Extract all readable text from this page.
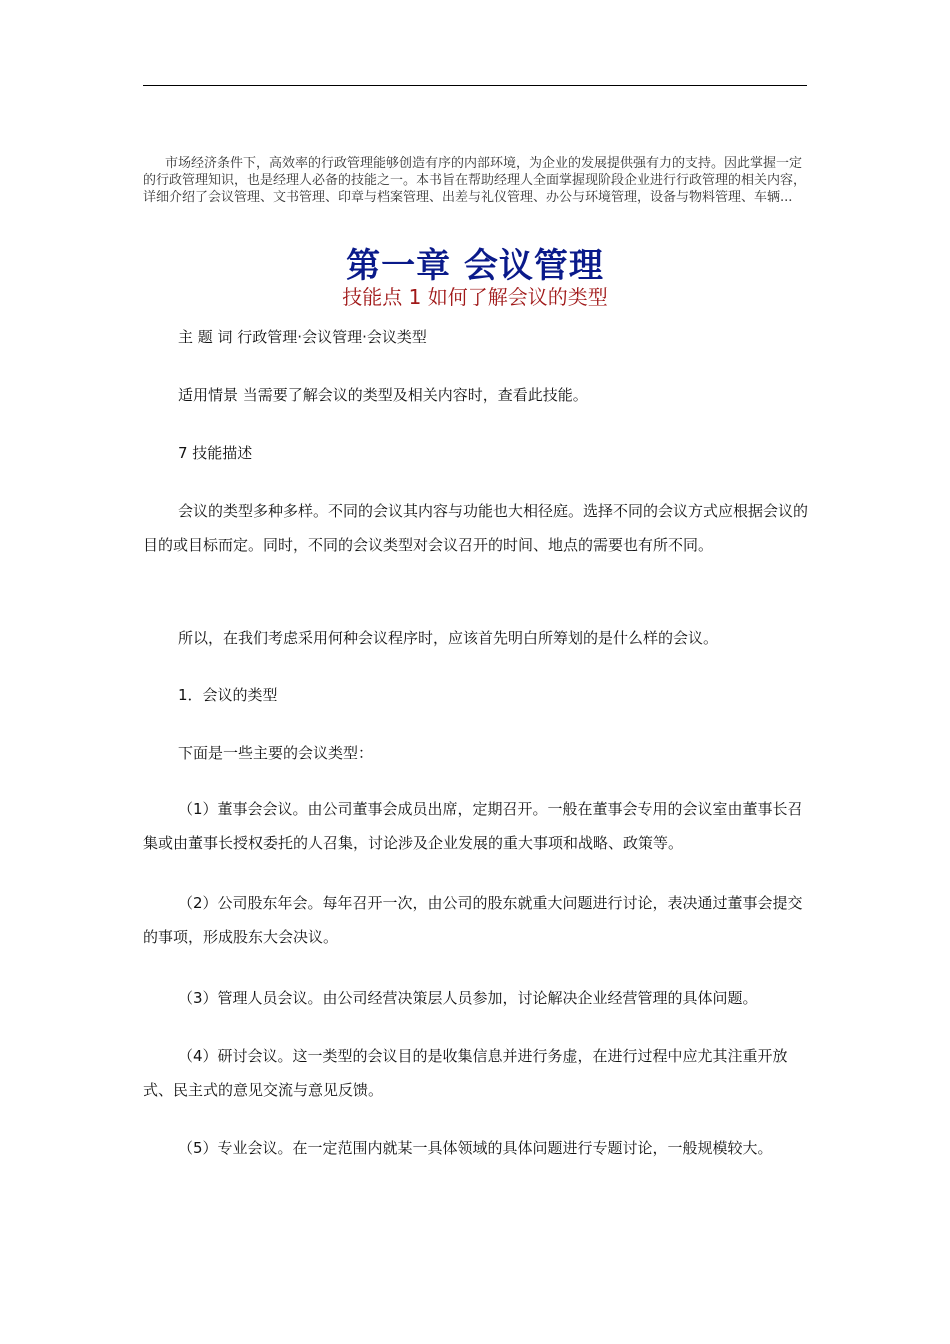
市场经济条件下，高效率的行政管理能够创造有序的内部环境，为企业的发展提供强有力的支持。因此掌握一定的行政管理知识，也是经理人必备的技能之一。本书旨在帮助经理人全面掌握现阶段企业进行行政管理的相关内容，详细介绍了会议管理、文书管理、印章与档案管理、出差与礼仪管理、办公与环境管理，设备与物料管理、车辆...
第一章 会议管理
技能点 1 如何了解会议的类型
主 题 词 行政管理·会议管理·会议类型
适用情景 当需要了解会议的类型及相关内容时，查看此技能。
7 技能描述
会议的类型多种多样。不同的会议其内容与功能也大相径庭。选择不同的会议方式应根据会议的目的或目标而定。同时，不同的会议类型对会议召开的时间、地点的需要也有所不同。
所以，在我们考虑采用何种会议程序时，应该首先明白所筹划的是什么样的会议。
1．会议的类型
下面是一些主要的会议类型：
（1）董事会会议。由公司董事会成员出席，定期召开。一般在董事会专用的会议室由董事长召集或由董事长授权委托的人召集，讨论涉及企业发展的重大事项和战略、政策等。
（2）公司股东年会。每年召开一次，由公司的股东就重大问题进行讨论，表决通过董事会提交的事项，形成股东大会决议。
（3）管理人员会议。由公司经营决策层人员参加，讨论解决企业经营管理的具体问题。
（4）研讨会议。这一类型的会议目的是收集信息并进行务虚，在进行过程中应尤其注重开放式、民主式的意见交流与意见反馈。
（5）专业会议。在一定范围内就某一具体领域的具体问题进行专题讨论，一般规模较大。
